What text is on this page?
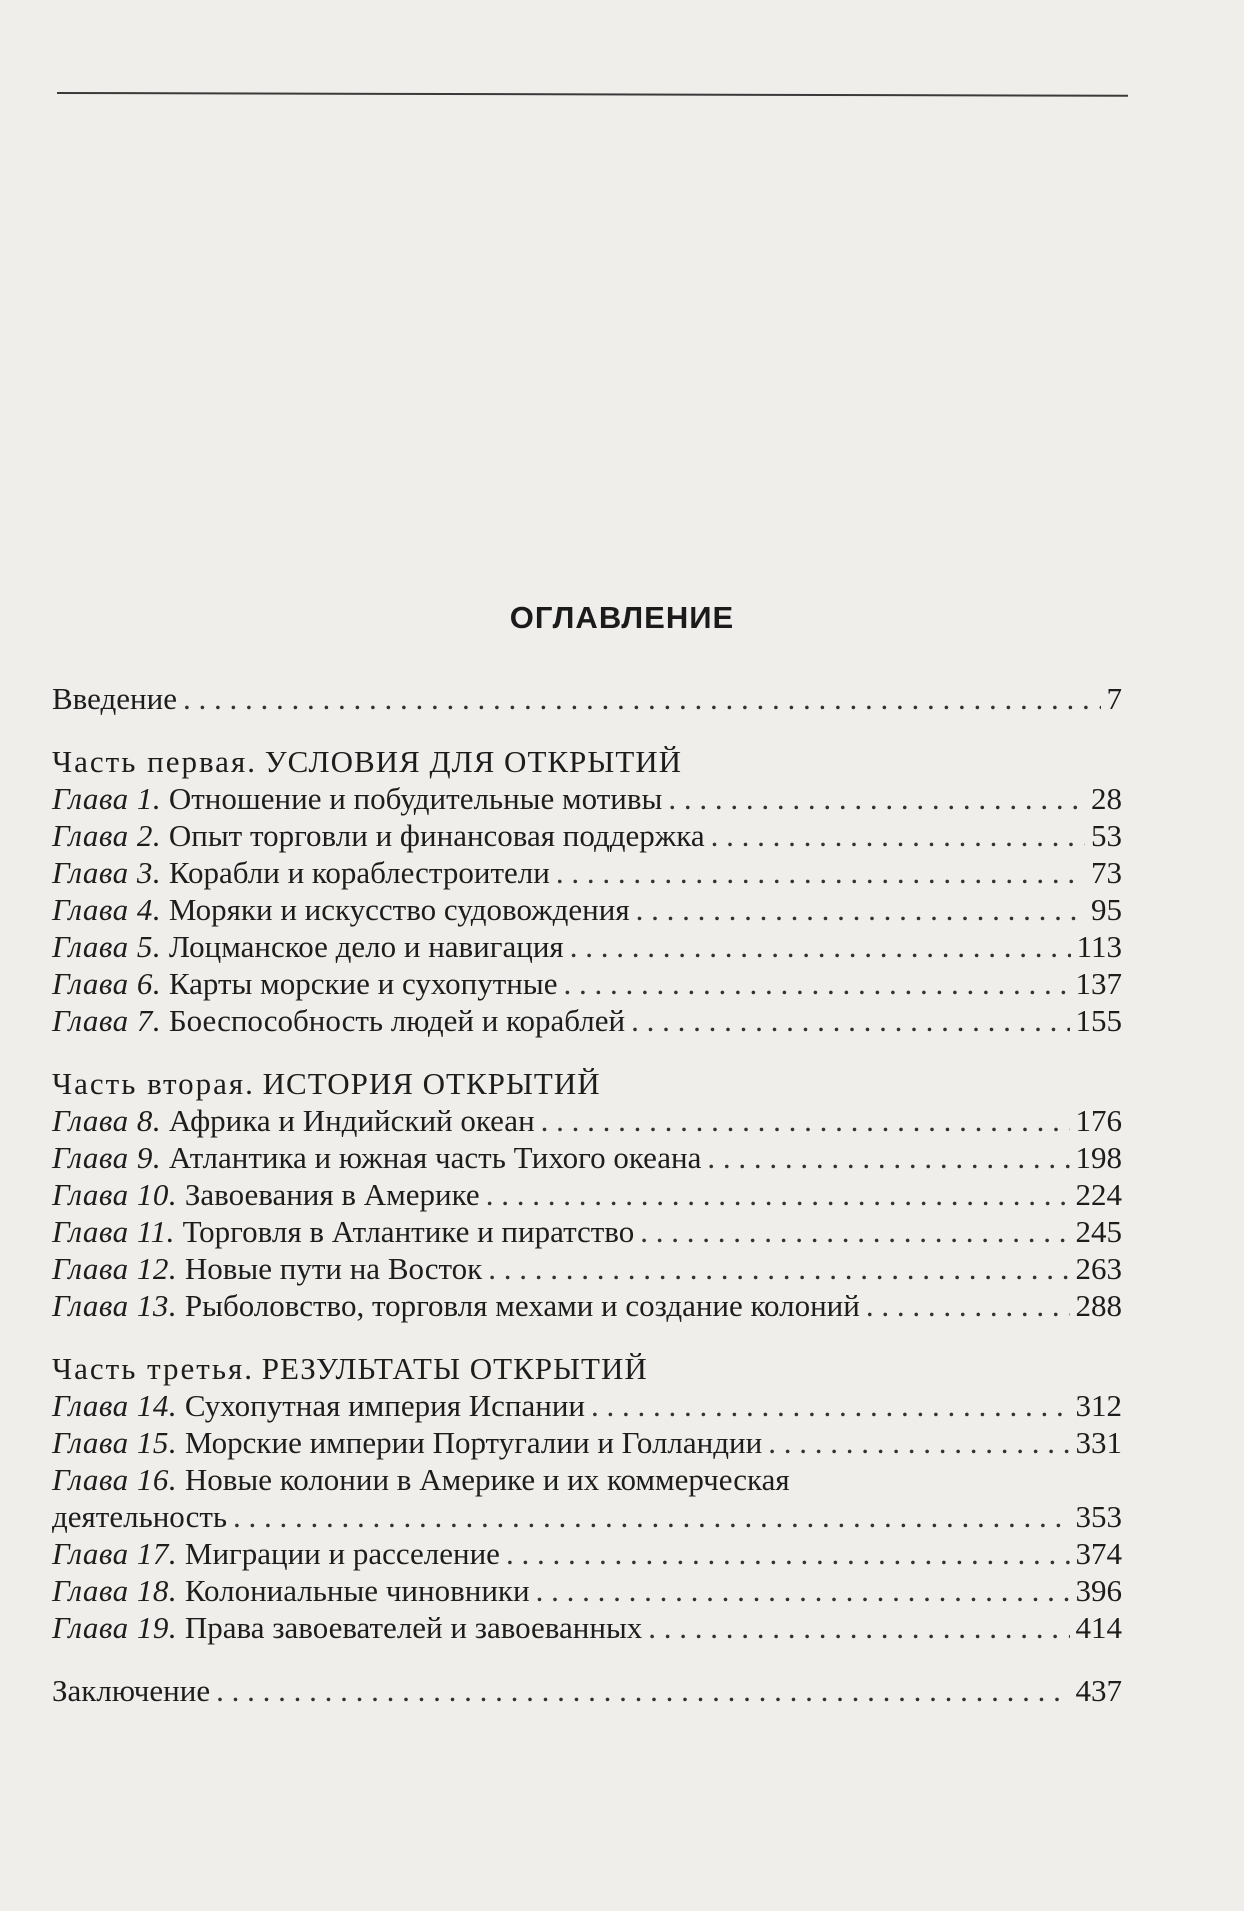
ОГЛАВЛЕНИЕ
Введение . . .	7
Часть первая. УСЛОВИЯ ДЛЯ ОТКРЫТИЙ
Глава 1. Отношение и побудительные мотивы . . .	28
Глава 2. Опыт торговли и финансовая поддержка . . .	53
Глава 3. Корабли и кораблестроители . . .	73
Глава 4. Моряки и искусство судовождения . . .	95
Глава 5. Лоцманское дело и навигация . . .	113
Глава 6. Карты морские и сухопутные . . .	137
Глава 7. Боеспособность людей и кораблей . . .	155
Часть вторая. ИСТОРИЯ ОТКРЫТИЙ
Глава 8. Африка и Индийский океан . . .	176
Глава 9. Атлантика и южная часть Тихого океана . . .	198
Глава 10. Завоевания в Америке . . .	224
Глава 11. Торговля в Атлантике и пиратство . . .	245
Глава 12. Новые пути на Восток . . .	263
Глава 13. Рыболовство, торговля мехами и создание колоний . . .	288
Часть третья. РЕЗУЛЬТАТЫ ОТКРЫТИЙ
Глава 14. Сухопутная империя Испании . . .	312
Глава 15. Морские империи Португалии и Голландии . . .	331
Глава 16. Новые колонии в Америке и их коммерческая
деятельность . . .	353
Глава 17. Миграции и расселение . . .	374
Глава 18. Колониальные чиновники . . .	396
Глава 19. Права завоевателей и завоеванных . . .	414
Заключение . . .	437
